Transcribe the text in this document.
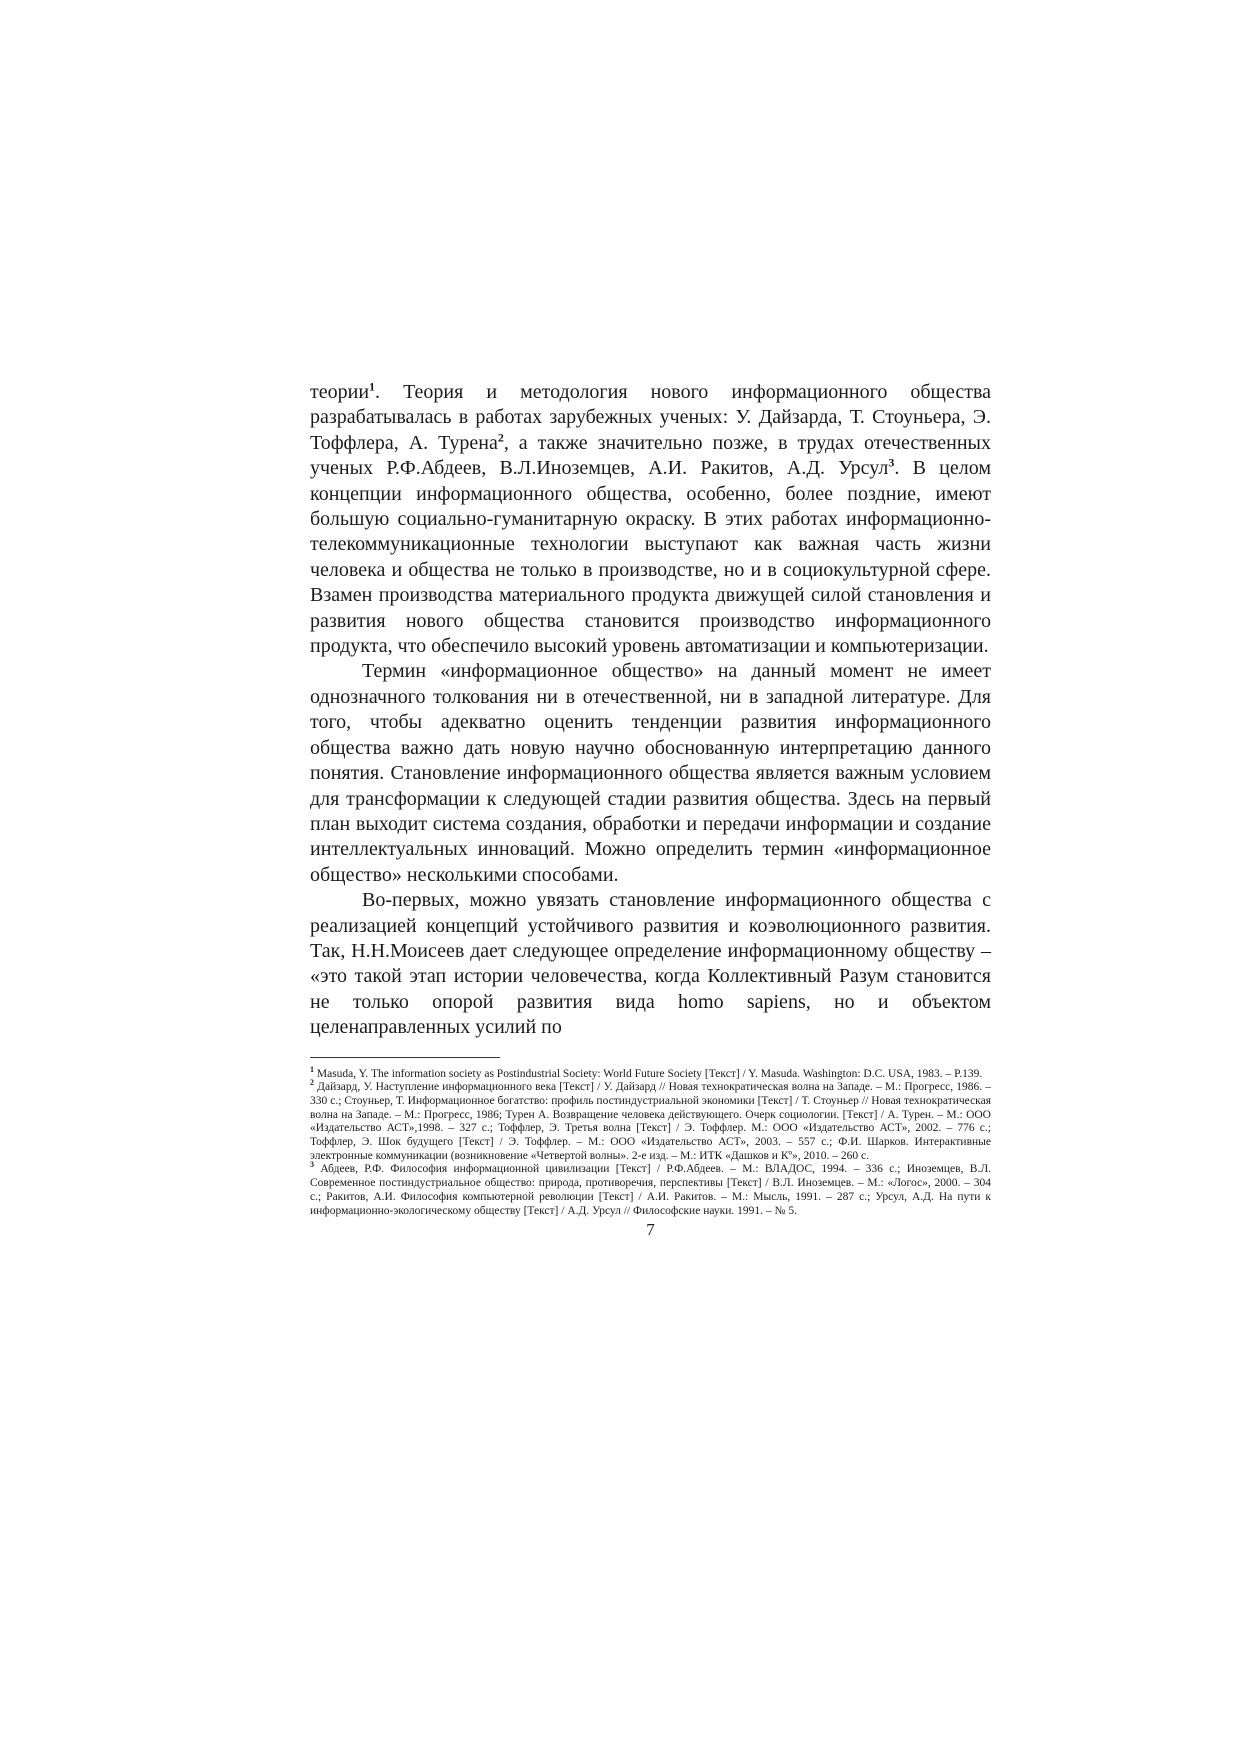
теории$^1$. Теория и методология нового информационного общества разрабатывалась в работах зарубежных ученых: У. Дайзарда, Т. Стоуньера, Э. Тоффлера, А. Турена$^2$, а также значительно позже, в трудах отечественных ученых Р.Ф.Абдеев, В.Л.Иноземцев, А.И. Ракитов, А.Д. Урсул$^3$. В целом концепции информационного общества, особенно, более поздние, имеют большую социально-гуманитарную окраску. В этих работах информационно-телекоммуникационные технологии выступают как важная часть жизни человека и общества не только в производстве, но и в социокультурной сфере. Взамен производства материального продукта движущей силой становления и развития нового общества становится производство информационного продукта, что обеспечило высокий уровень автоматизации и компьютеризации.

Термин «информационное общество» на данный момент не имеет однозначного толкования ни в отечественной, ни в западной литературе. Для того, чтобы адекватно оценить тенденции развития информационного общества важно дать новую научно обоснованную интерпретацию данного понятия. Становление информационного общества является важным условием для трансформации к следующей стадии развития общества. Здесь на первый план выходит система создания, обработки и передачи информации и создание интеллектуальных инноваций. Можно определить термин «информационное общество» несколькими способами.

Во-первых, можно увязать становление информационного общества с реализацией концепций устойчивого развития и коэволюционного развития. Так, Н.Н.Моисеев дает следующее определение информационному обществу – «это такой этап истории человечества, когда Коллективный Разум становится не только опорой развития вида homo sapiens, но и объектом целенаправленных усилий по

$^1$ Masuda, Y. The information society as Postindustrial Society: World Future Society [Текст] / Y. Masuda. Washington: D.C. USA, 1983. – P.139.

$^2$ Дайзард, У. Наступление информационного века [Текст] / У. Дайзард // Новая технократическая волна на Западе. – М.: Прогресс, 1986. – 330 с.; Стоуньер, Т. Информационное богатство: профиль постиндустриальной экономики [Текст] / Т. Стоуньер // Новая технократическая волна на Западе. – М.: Прогресс, 1986; Турен А. Возвращение человека действующего. Очерк социологии. [Текст] / А. Турен. – М.: ООО «Издательство АСТ»,1998. – 327 с.; Тоффлер, Э. Третья волна [Текст] / Э. Тоффлер. М.: ООО «Издательство АСТ», 2002. – 776 с.; Тоффлер, Э. Шок будущего [Текст] / Э. Тоффлер. – М.: ООО «Издательство АСТ», 2003. – 557 с.; Ф.И. Шарков. Интерактивные электронные коммуникации (возникновение «Четвертой волны». 2-е изд. – М.: ИТК «Дашков и Кº», 2010. – 260 с.

$^3$ Абдеев, Р.Ф. Философия информационной цивилизации [Текст] / Р.Ф.Абдеев. – М.: ВЛАДОС, 1994. – 336 с.; Иноземцев, В.Л. Современное постиндустриальное общество: природа, противоречия, перспективы [Текст] / В.Л. Иноземцев. – М.: «Логос», 2000. – 304 с.; Ракитов, А.И. Философия компьютерной революции [Текст] / А.И. Ракитов. – М.: Мысль, 1991. – 287 с.; Урсул, А.Д. На пути к информационно-экологическому обществу [Текст] / А.Д. Урсул // Философские науки. 1991. – № 5.

7
